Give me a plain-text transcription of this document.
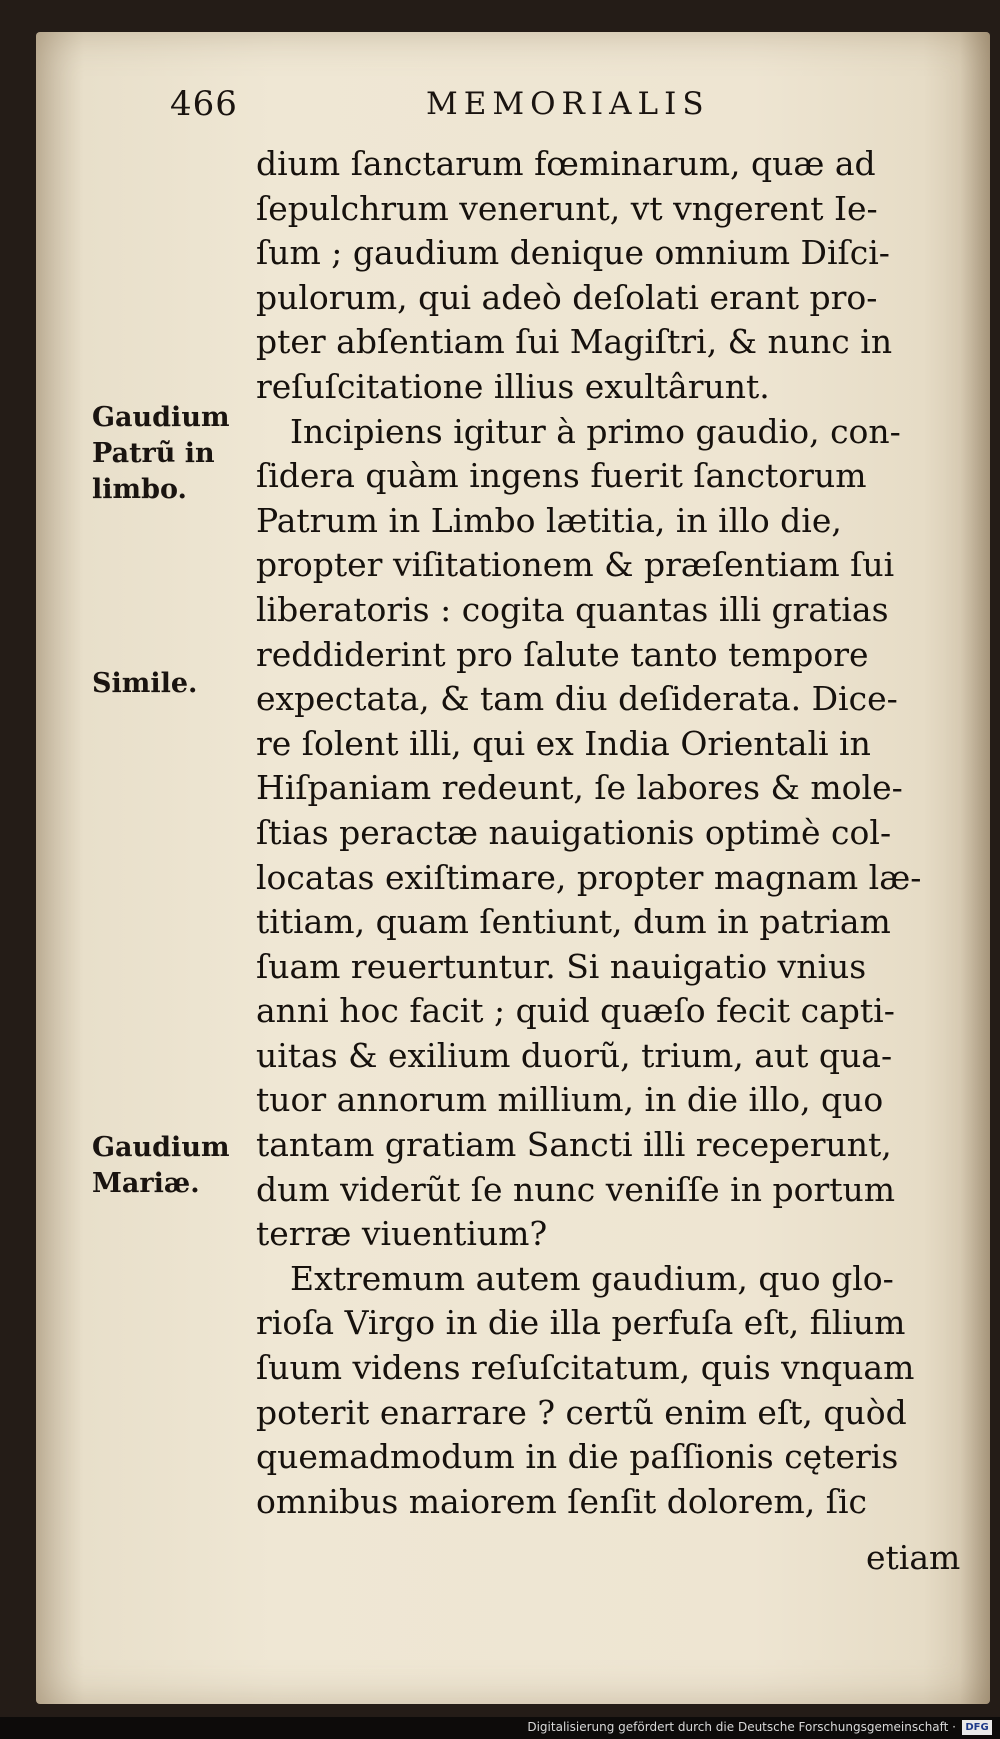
466	MEMORIALIS
dium ſanctarum fœminarum, quæ ad
ſepulchrum venerunt, vt vngerent Ie-
ſum ; gaudium denique omnium Diſci-
pulorum, qui adeò deſolati erant pro-
pter abſentiam ſui Magiſtri, & nunc in
reſuſcitatione illius exultârunt.
Incipiens igitur à primo gaudio, con-
ſidera quàm ingens fuerit ſanctorum
Patrum in Limbo lætitia, in illo die,
propter viſitationem & præſentiam ſui
liberatoris : cogita quantas illi gratias
reddiderint pro ſalute tanto tempore
expectata, & tam diu deſiderata. Dice-
re ſolent illi, qui ex India Orientali in
Hiſpaniam redeunt, ſe labores & mole-
ſtias peractæ nauigationis optimè col-
locatas exiſtimare, propter magnam læ-
titiam, quam ſentiunt, dum in patriam
ſuam reuertuntur. Si nauigatio vnius
anni hoc facit ; quid quæſo fecit capti-
uitas & exilium duorũ, trium, aut qua-
tuor annorum millium, in die illo, quo
tantam gratiam Sancti illi receperunt,
dum viderũt ſe nunc veniſſe in portum
terræ viuentium?
Extremum autem gaudium, quo glo-
rioſa Virgo in die illa perfuſa eſt, filium
ſuum videns reſuſcitatum, quis vnquam
poterit enarrare ? certũ enim eſt, quòd
quemadmodum in die paſſionis cęteris
omnibus maiorem ſenſit dolorem, ſic
etiam
Gaudium
Patrũ in
limbo.
Simile.
Gaudium
Mariæ.
Digitalisierung gefördert durch die Deutsche Forschungsgemeinschaft · DFG
